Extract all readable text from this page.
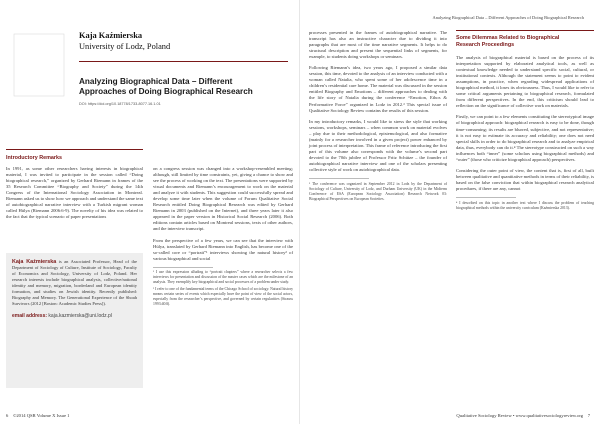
Kaja Kaźmierska
University of Lodz, Poland
Analyzing Biographical Data – Different
Approaches of Doing Biographical Research
DOI: https://doi.org/10.18778/1733-8077.16.1.01
Introductory Remarks

In 1991, as some other researchers having interests in biographical material, I was invited to participate in the session called “Doing biographical research,” organized by Gerhard Riemann in frames of the 35 Research Committee “Biography and Society” during the 14th Congress of the International Sociology Association in Montreal. Riemann asked us to show how we approach and understand the same text of autobiographical narrative interview with a Turkish migrant woman called Hülya (Riemann 2006:6-9). The novelty of his idea was related to the fact that the typical scenario of paper presentations

Kaja Kaźmierska is an Associated Professor, Head of the Department of Sociology of Culture, Institute of Sociology, Faculty of Economics and Sociology, University of Lodz, Poland. Her research interests include biographical analysis, collective/national identity and memory, migration, borderland and European identity formation, and studies on Jewish identity. Recently published: Biography and Memory. The Generational Experience of the Shoah Survivors (2012 [Boston: Academic Studies Press]).

email address: kaja.kazmierska@uni.lodz.pl

on a congress session was changed into a workshop-resembled meeting; although, still limited by time constraints, yet, giving a chance to show and see the process of working on the text. The presentations were supported by visual documents and Riemann’s encouragement to work on the material and analyze it with students. This suggestion could successfully spread and develop some time later when the volume of Forum Qualitative Social Research entitled Doing Biographical Research was edited by Gerhard Riemann in 2003 (published on the Internet), and three years later it also appeared in the paper version in Historical Social Research (2006). Both editions contain articles based on Montreal sessions, texts of other authors, and the interview transcript.

From the perspective of a few years, we can see that the interview with Hülya, translated by Gerhard Riemann into English, has become one of the so-called core or “portrait”¹ interviews showing the natural history² of various biographical and social

¹ I use this expression alluding to “portrait chapters” where a researcher selects a few interviews for presentation and discussion of the master cases which are the milestone of an analysis. They exemplify key biographical and social processes of a problem under study.

² I refer to one of the fundamental terms of the Chicago School of sociology. Natural history means certain series of events which especially have the point of view of the social actors, especially from the researcher’s perspective, and governed by certain regularities (Strauss 1993:40ff).

6 ©2014 QSR Volume X Issue 1
Analyzing Biographical Data – Different Approaches of Doing Biographical Research

processes presented in the frames of autobiographical narrative. The transcript has also an instructive character due to dividing it into paragraphs that are most of the time narrative segments. It helps to do structural description and present the sequential links of segments, for example, to students doing workshops or seminars.

Following Riemann’s idea, two years ago, I proposed a similar data session, this time, devoted to the analysis of an interview conducted with a woman called Natalia, who spent some of her adolescence time in a children’s residential care home. The material was discussed in the session entitled Biography and Emotions – different approaches to dealing with the life story of Natalia during the conference “Emotion, Ethos & Performative Force” organized in Lodz in 2012.³ This special issue of Qualitative Sociology Review contains the results of this session.

In my introductory remarks, I would like to stress the style that working sessions, workshops, seminars – when common work on material evolves – play due to their methodological, epistemological, and also formative (mainly for a researcher involved in a given project) power enhanced by joint process of interpretation. This frame of reference introducing the first part of this volume also corresponds with the volume’s second part devoted to the 70th jubilee of Professor Fritz Schütze – the founder of autobiographical narrative interview and one of the scholars presenting collective style of work on autobiographical data.

³ The conference was organized in September 2012 in Lodz by the Department of Sociology of Culture, University of Lodz, and Durham University (UK) in the Midterm Conference of ESA (European Sociology Association) Research Network 03: Biographical Perspectives on European Societies.

Some Dilemmas Related to Biographical
Research Proceedings

The analysis of biographical material is based on the process of its interpretation supported by elaborated analytical tools, as well as contextual knowledge needed to understand specific social, cultural, or institutional contexts. Although the statement seems to point to evident assumptions, in practice, when regarding widespread applications of biographical method, it loses its obviousness. Thus, I would like to refer to some critical arguments pertaining to biographical research, formulated from different perspectives. In the end, this criticism should lead to reflection on the significance of collective work on materials.

Firstly, we can point to a few elements constituting the stereotypical image of biographical approach: biographical research is easy to be done, though time-consuming; its results are blurred, subjective, and not representative; it is not easy to estimate its accuracy and reliability; one does not need special skills in order to do biographical research and to analyze empirical data, thus, everybody can do it.⁴ The stereotype constructed on such a way influences both “inner” (some scholars using biographical methods) and “outer” (those who criticize biographical approach) perspectives.

Considering the outer point of view, the content that is, first of all, built between qualitative and quantitative methods in terms of their reliability, is based on the false conviction that within biographical research analytical procedures, if there are any, cannot

⁴ I described on this topic in another text where I discuss the problem of teaching biographical methods within the university curriculum (Kaźmierska 2013).

Qualitative Sociology Review • www.qualitativesociologyreview.org 7
